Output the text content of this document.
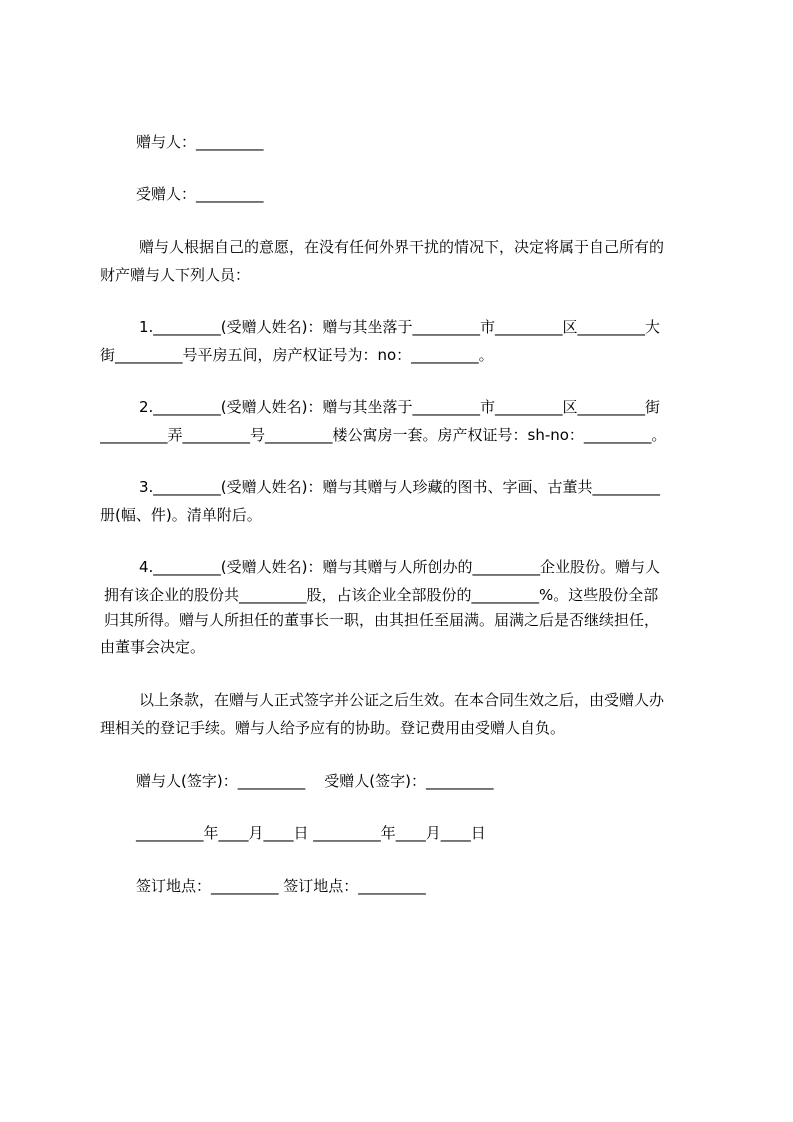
赠与人：_________
受赠人：_________
赠与人根据自己的意愿，在没有任何外界干扰的情况下，决定将属于自己所有的
财产赠与人下列人员：
1._________(受赠人姓名)：赠与其坐落于_________市_________区_________大
街_________号平房五间，房产权证号为：no：_________。
2._________(受赠人姓名)：赠与其坐落于_________市_________区_________街
_________弄_________号_________楼公寓房一套。房产权证号：sh-no：_________。
3._________(受赠人姓名)：赠与其赠与人珍藏的图书、字画、古董共_________
册(幅、件)。清单附后。
4._________(受赠人姓名)：赠与其赠与人所创办的_________企业股份。赠与人
拥有该企业的股份共_________股，占该企业全部股份的_________%。这些股份全部
归其所得。赠与人所担任的董事长一职，由其担任至届满。届满之后是否继续担任，
由董事会决定。
以上条款，在赠与人正式签字并公证之后生效。在本合同生效之后，由受赠人办
理相关的登记手续。赠与人给予应有的协助。登记费用由受赠人自负。
赠与人(签字)：_________    受赠人(签字)：_________
_________年____月____日 _________年____月____日
签订地点：_________ 签订地点：_________
